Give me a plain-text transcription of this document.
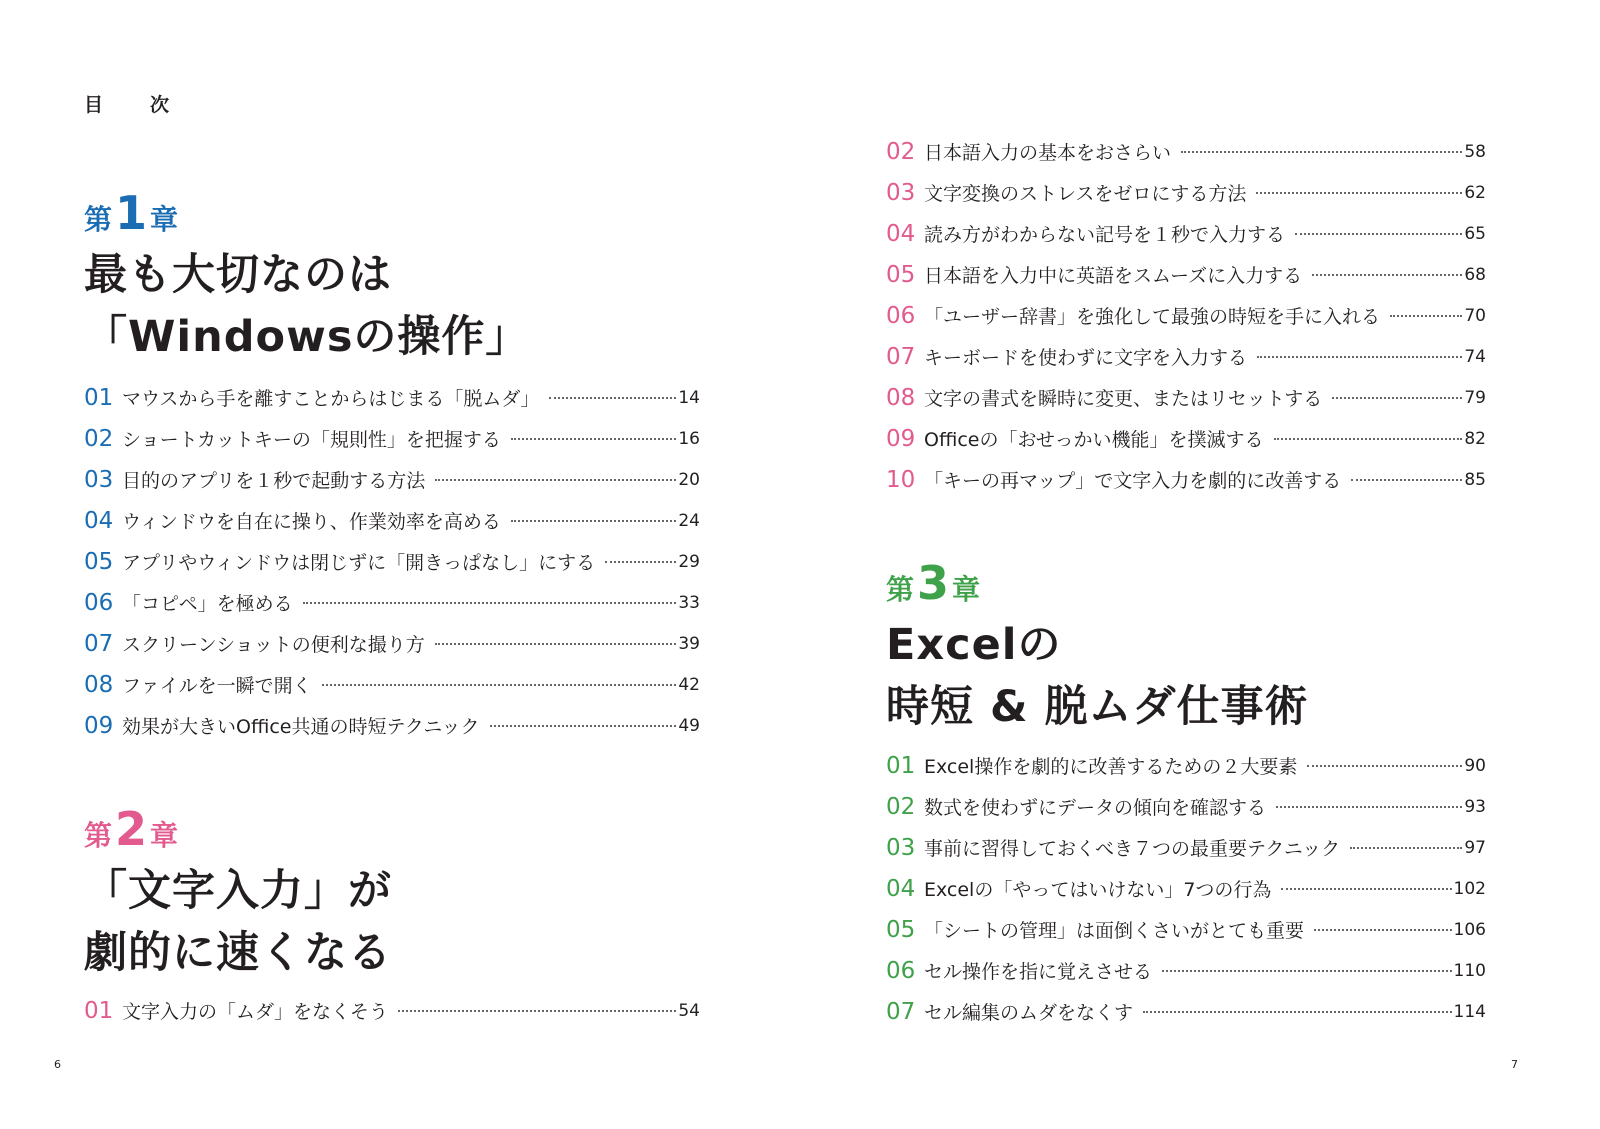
目　次
第 1 章
最も大切なのは
「Windowsの操作」
01 マウスから手を離すことからはじまる「脱ムダ」	14
02 ショートカットキーの「規則性」を把握する	16
03 目的のアプリを１秒で起動する方法	20
04 ウィンドウを自在に操り、作業効率を高める	24
05 アプリやウィンドウは閉じずに「開きっぱなし」にする	29
06 「コピペ」を極める	33
07 スクリーンショットの便利な撮り方	39
08 ファイルを一瞬で開く	42
09 効果が大きいOffice共通の時短テクニック	49
第 2 章
「文字入力」が
劇的に速くなる
01 文字入力の「ムダ」をなくそう	54
6
02 日本語入力の基本をおさらい	58
03 文字変換のストレスをゼロにする方法	62
04 読み方がわからない記号を１秒で入力する	65
05 日本語を入力中に英語をスムーズに入力する	68
06 「ユーザー辞書」を強化して最強の時短を手に入れる	70
07 キーボードを使わずに文字を入力する	74
08 文字の書式を瞬時に変更、またはリセットする	79
09 Officeの「おせっかい機能」を撲滅する	82
10 「キーの再マップ」で文字入力を劇的に改善する	85
第 3 章
Excelの
時短 & 脱ムダ仕事術
01 Excel操作を劇的に改善するための２大要素	90
02 数式を使わずにデータの傾向を確認する	93
03 事前に習得しておくべき７つの最重要テクニック	97
04 Excelの「やってはいけない」7つの行為	102
05 「シートの管理」は面倒くさいがとても重要	106
06 セル操作を指に覚えさせる	110
07 セル編集のムダをなくす	114
7
